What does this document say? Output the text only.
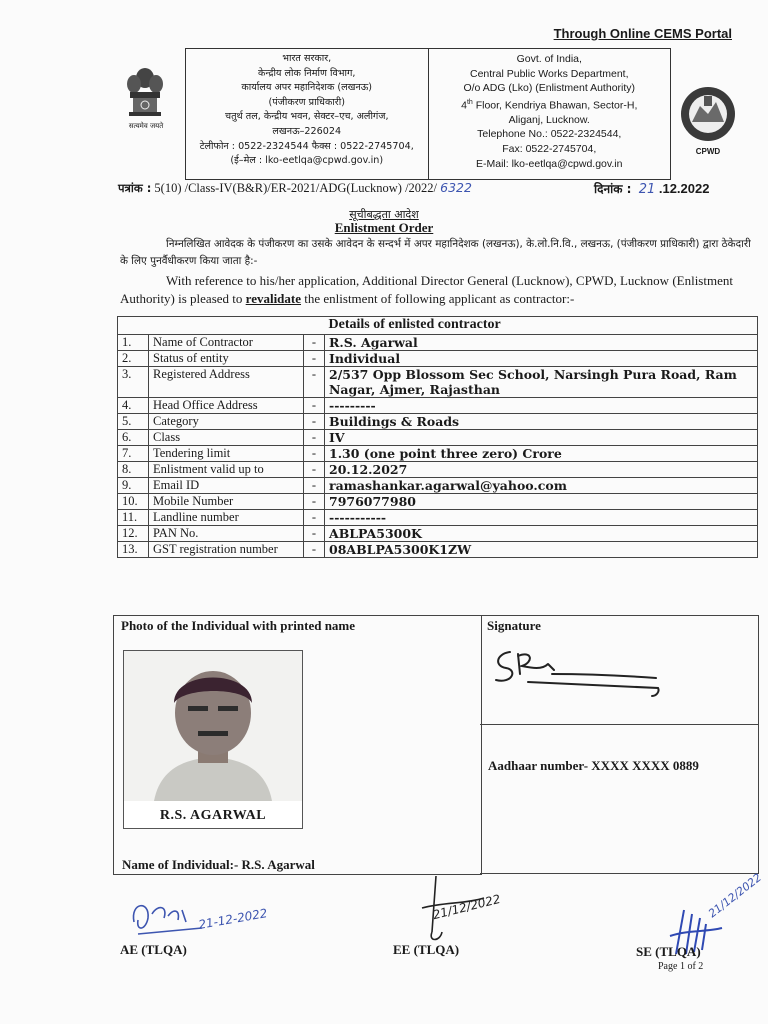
Through Online CEMS Portal
सत्यमेव जयते
भारत सरकार,
केन्द्रीय लोक निर्माण विभाग,
कार्यालय अपर महानिदेशक (लखनऊ)
(पंजीकरण प्राधिकारी)
चतुर्थ तल, केन्द्रीय भवन, सेक्टर–एच, अलीगंज,
लखनऊ–226024
टेलीफोन : 0522-2324544 फैक्स : 0522-2745704,
(ई–मेल : lko-eetlqa@cpwd.gov.in)
Govt. of India,
Central Public Works Department,
O/o ADG (Lko) (Enlistment Authority)
4th Floor, Kendriya Bhawan, Sector-H,
Aliganj, Lucknow.
Telephone No.: 0522-2324544,
Fax: 0522-2745704,
E-Mail: lko-eetlqa@cpwd.gov.in
CPWD
पत्रांक : 5(10) /Class-IV(B&R)/ER-2021/ADG(Lucknow) /2022/ 6322	दिनांक : 21 .12.2022
सूचीबद्धता आदेश
Enlistment Order
निम्नलिखित आवेदक के पंजीकरण का उसके आवेदन के सन्दर्भ में अपर महानिदेशक (लखनऊ), के.लो.नि.वि., लखनऊ, (पंजीकरण प्राधिकारी) द्वारा ठेकेदारी के लिए पुनर्वैधीकरण किया जाता है:-
With reference to his/her application, Additional Director General (Lucknow), CPWD, Lucknow (Enlistment Authority) is pleased to revalidate the enlistment of following applicant as contractor:-
			Details of enlisted contractor
1.	Name of Contractor	-	R.S. Agarwal
2.	Status of entity	-	Individual
3.	Registered Address	-	2/537 Opp Blossom Sec School, Narsingh Pura Road, Ram Nagar, Ajmer, Rajasthan
4.	Head Office Address	-	---------
5.	Category	-	Buildings & Roads
6.	Class	-	IV
7.	Tendering limit	-	1.30 (one point three zero) Crore
8.	Enlistment valid up to	-	20.12.2027
9.	Email ID	-	ramashankar.agarwal@yahoo.com
10.	Mobile Number	-	7976077980
11.	Landline number	-	-----------
12.	PAN No.	-	ABLPA5300K
13.	GST registration number	-	08ABLPA5300K1ZW
Photo of the Individual with printed name
R.S. AGARWAL
Name of Individual:- R.S. Agarwal
Signature
Aadhaar number- XXXX XXXX 0889
21-12-2022
AE (TLQA)
21/12/2022
EE (TLQA)
21/12/2022
SE (TLQA)
Page 1 of 2
